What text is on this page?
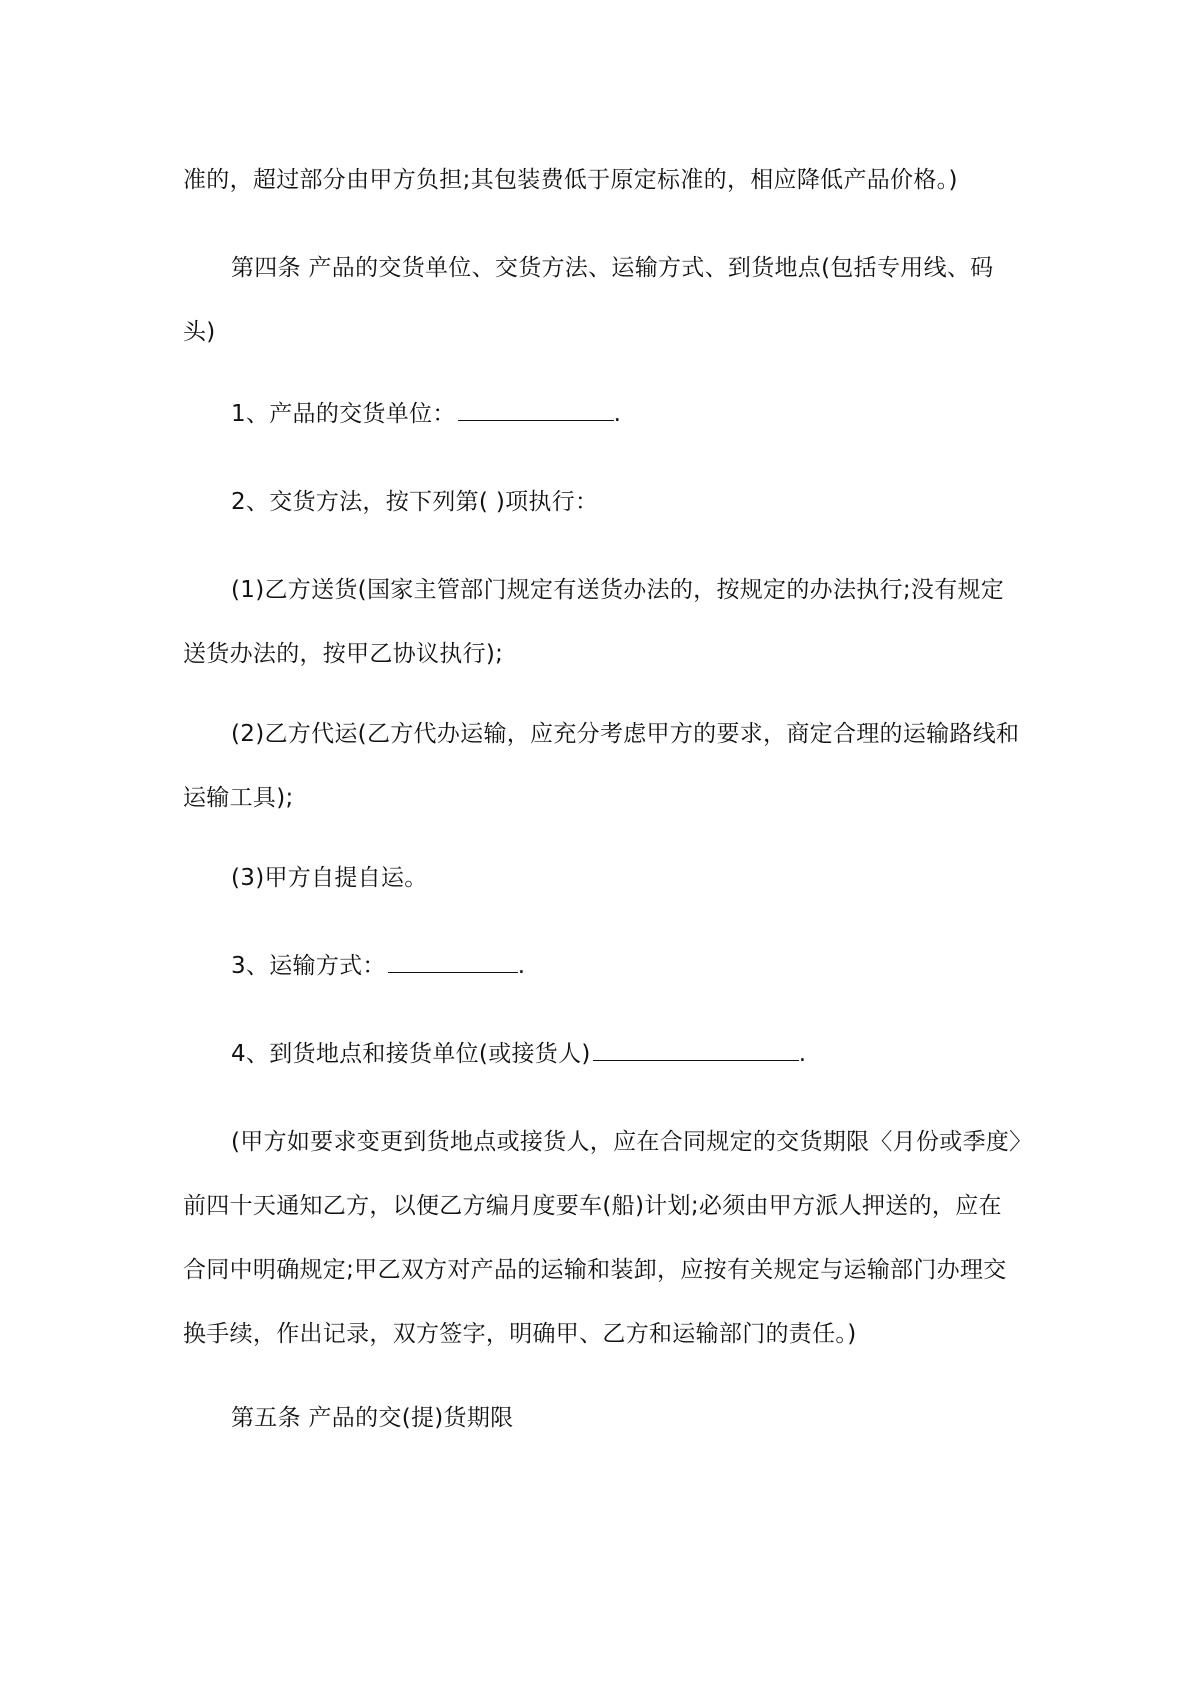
准的，超过部分由甲方负担;其包装费低于原定标准的，相应降低产品价格。)
第四条 产品的交货单位、交货方法、运输方式、到货地点(包括专用线、码头)
1、产品的交货单位：	.
2、交货方法，按下列第( )项执行：
(1)乙方送货(国家主管部门规定有送货办法的，按规定的办法执行;没有规定送货办法的，按甲乙协议执行);
(2)乙方代运(乙方代办运输，应充分考虑甲方的要求，商定合理的运输路线和运输工具);
(3)甲方自提自运。
3、运输方式：	.
4、到货地点和接货单位(或接货人)	.
(甲方如要求变更到货地点或接货人，应在合同规定的交货期限〈月份或季度〉前四十天通知乙方，以便乙方编月度要车(船)计划;必须由甲方派人押送的，应在合同中明确规定;甲乙双方对产品的运输和装卸，应按有关规定与运输部门办理交换手续，作出记录，双方签字，明确甲、乙方和运输部门的责任。)
第五条 产品的交(提)货期限
